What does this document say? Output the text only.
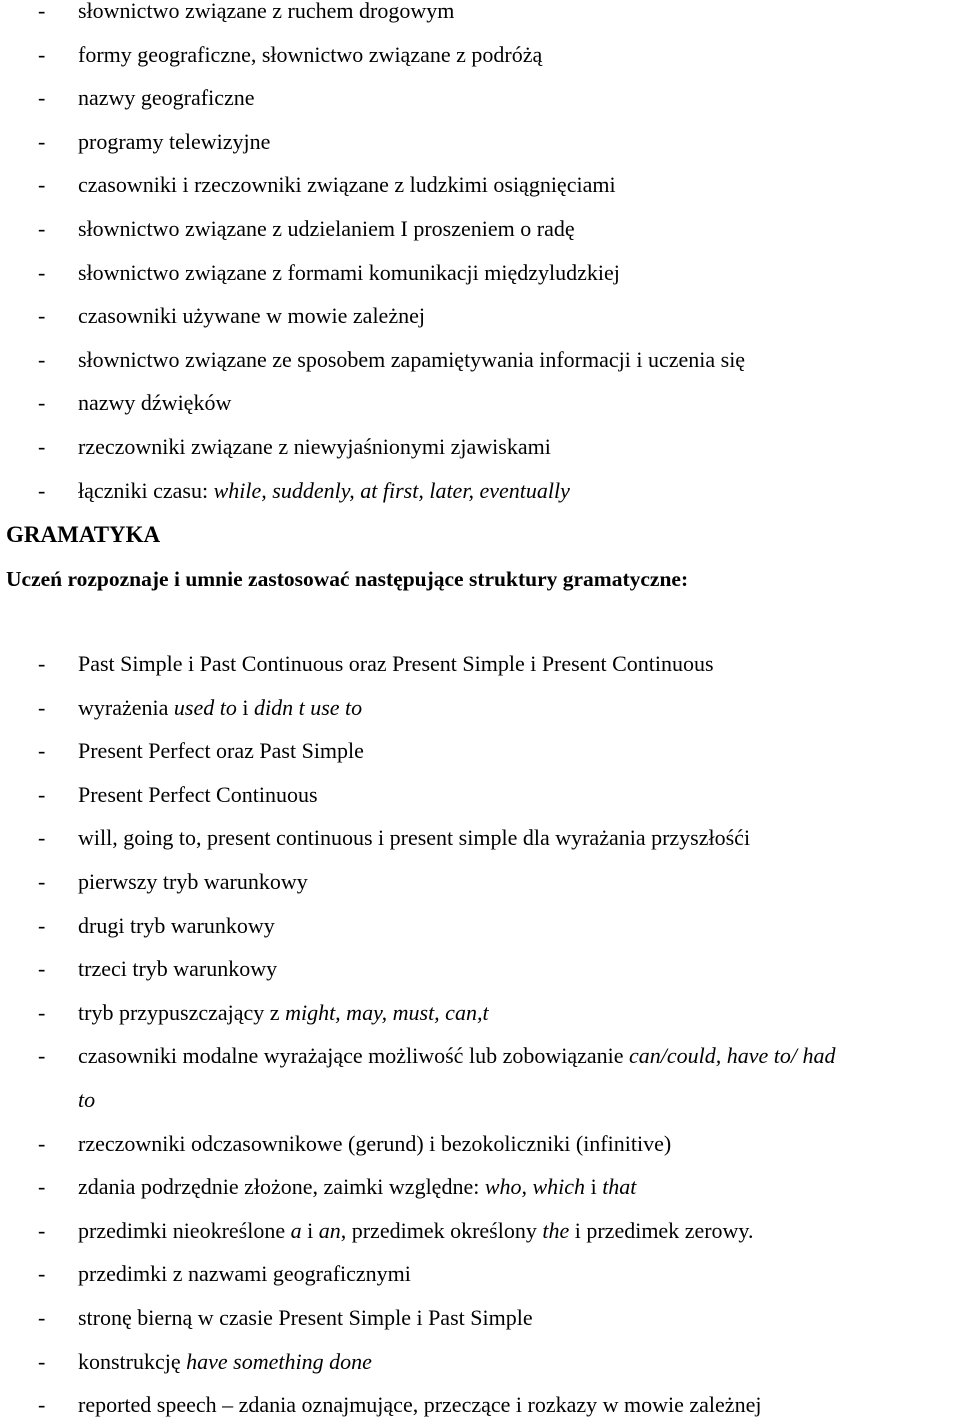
- słownictwo związane z ruchem drogowym
- formy geograficzne, słownictwo związane z podróżą
- nazwy geograficzne
- programy telewizyjne
- czasowniki i rzeczowniki związane z ludzkimi osiągnięciami
- słownictwo związane z udzielaniem I proszeniem o radę
- słownictwo związane z formami komunikacji międzyludzkiej
- czasowniki używane w mowie zależnej
- słownictwo związane ze sposobem zapamiętywania informacji i uczenia się
- nazwy dźwięków
- rzeczowniki związane z niewyjaśnionymi zjawiskami
- łączniki czasu: while, suddenly, at first, later, eventually
GRAMATYKA
Uczeń rozpoznaje i umnie zastosować następujące struktury gramatyczne:
- Past Simple i Past Continuous oraz Present Simple i Present Continuous
- wyrażenia used to i didn t use to
- Present Perfect oraz Past Simple
- Present Perfect Continuous
- will, going to, present continuous i present simple dla wyrażania przyszłośći
- pierwszy tryb warunkowy
- drugi tryb warunkowy
- trzeci tryb warunkowy
- tryb przypuszczający z might, may, must, can,t
- czasowniki modalne wyrażające możliwość lub zobowiązanie can/could, have to/ had
to
- rzeczowniki odczasownikowe (gerund) i bezokoliczniki (infinitive)
- zdania podrzędnie złożone, zaimki względne: who, which i that
- przedimki nieokreślone a i an, przedimek określony the i przedimek zerowy.
- przedimki z nazwami geograficznymi
- stronę bierną w czasie Present Simple i Past Simple
- konstrukcję have something done
- reported speech – zdania oznajmujące, przeczące i rozkazy w mowie zależnej
